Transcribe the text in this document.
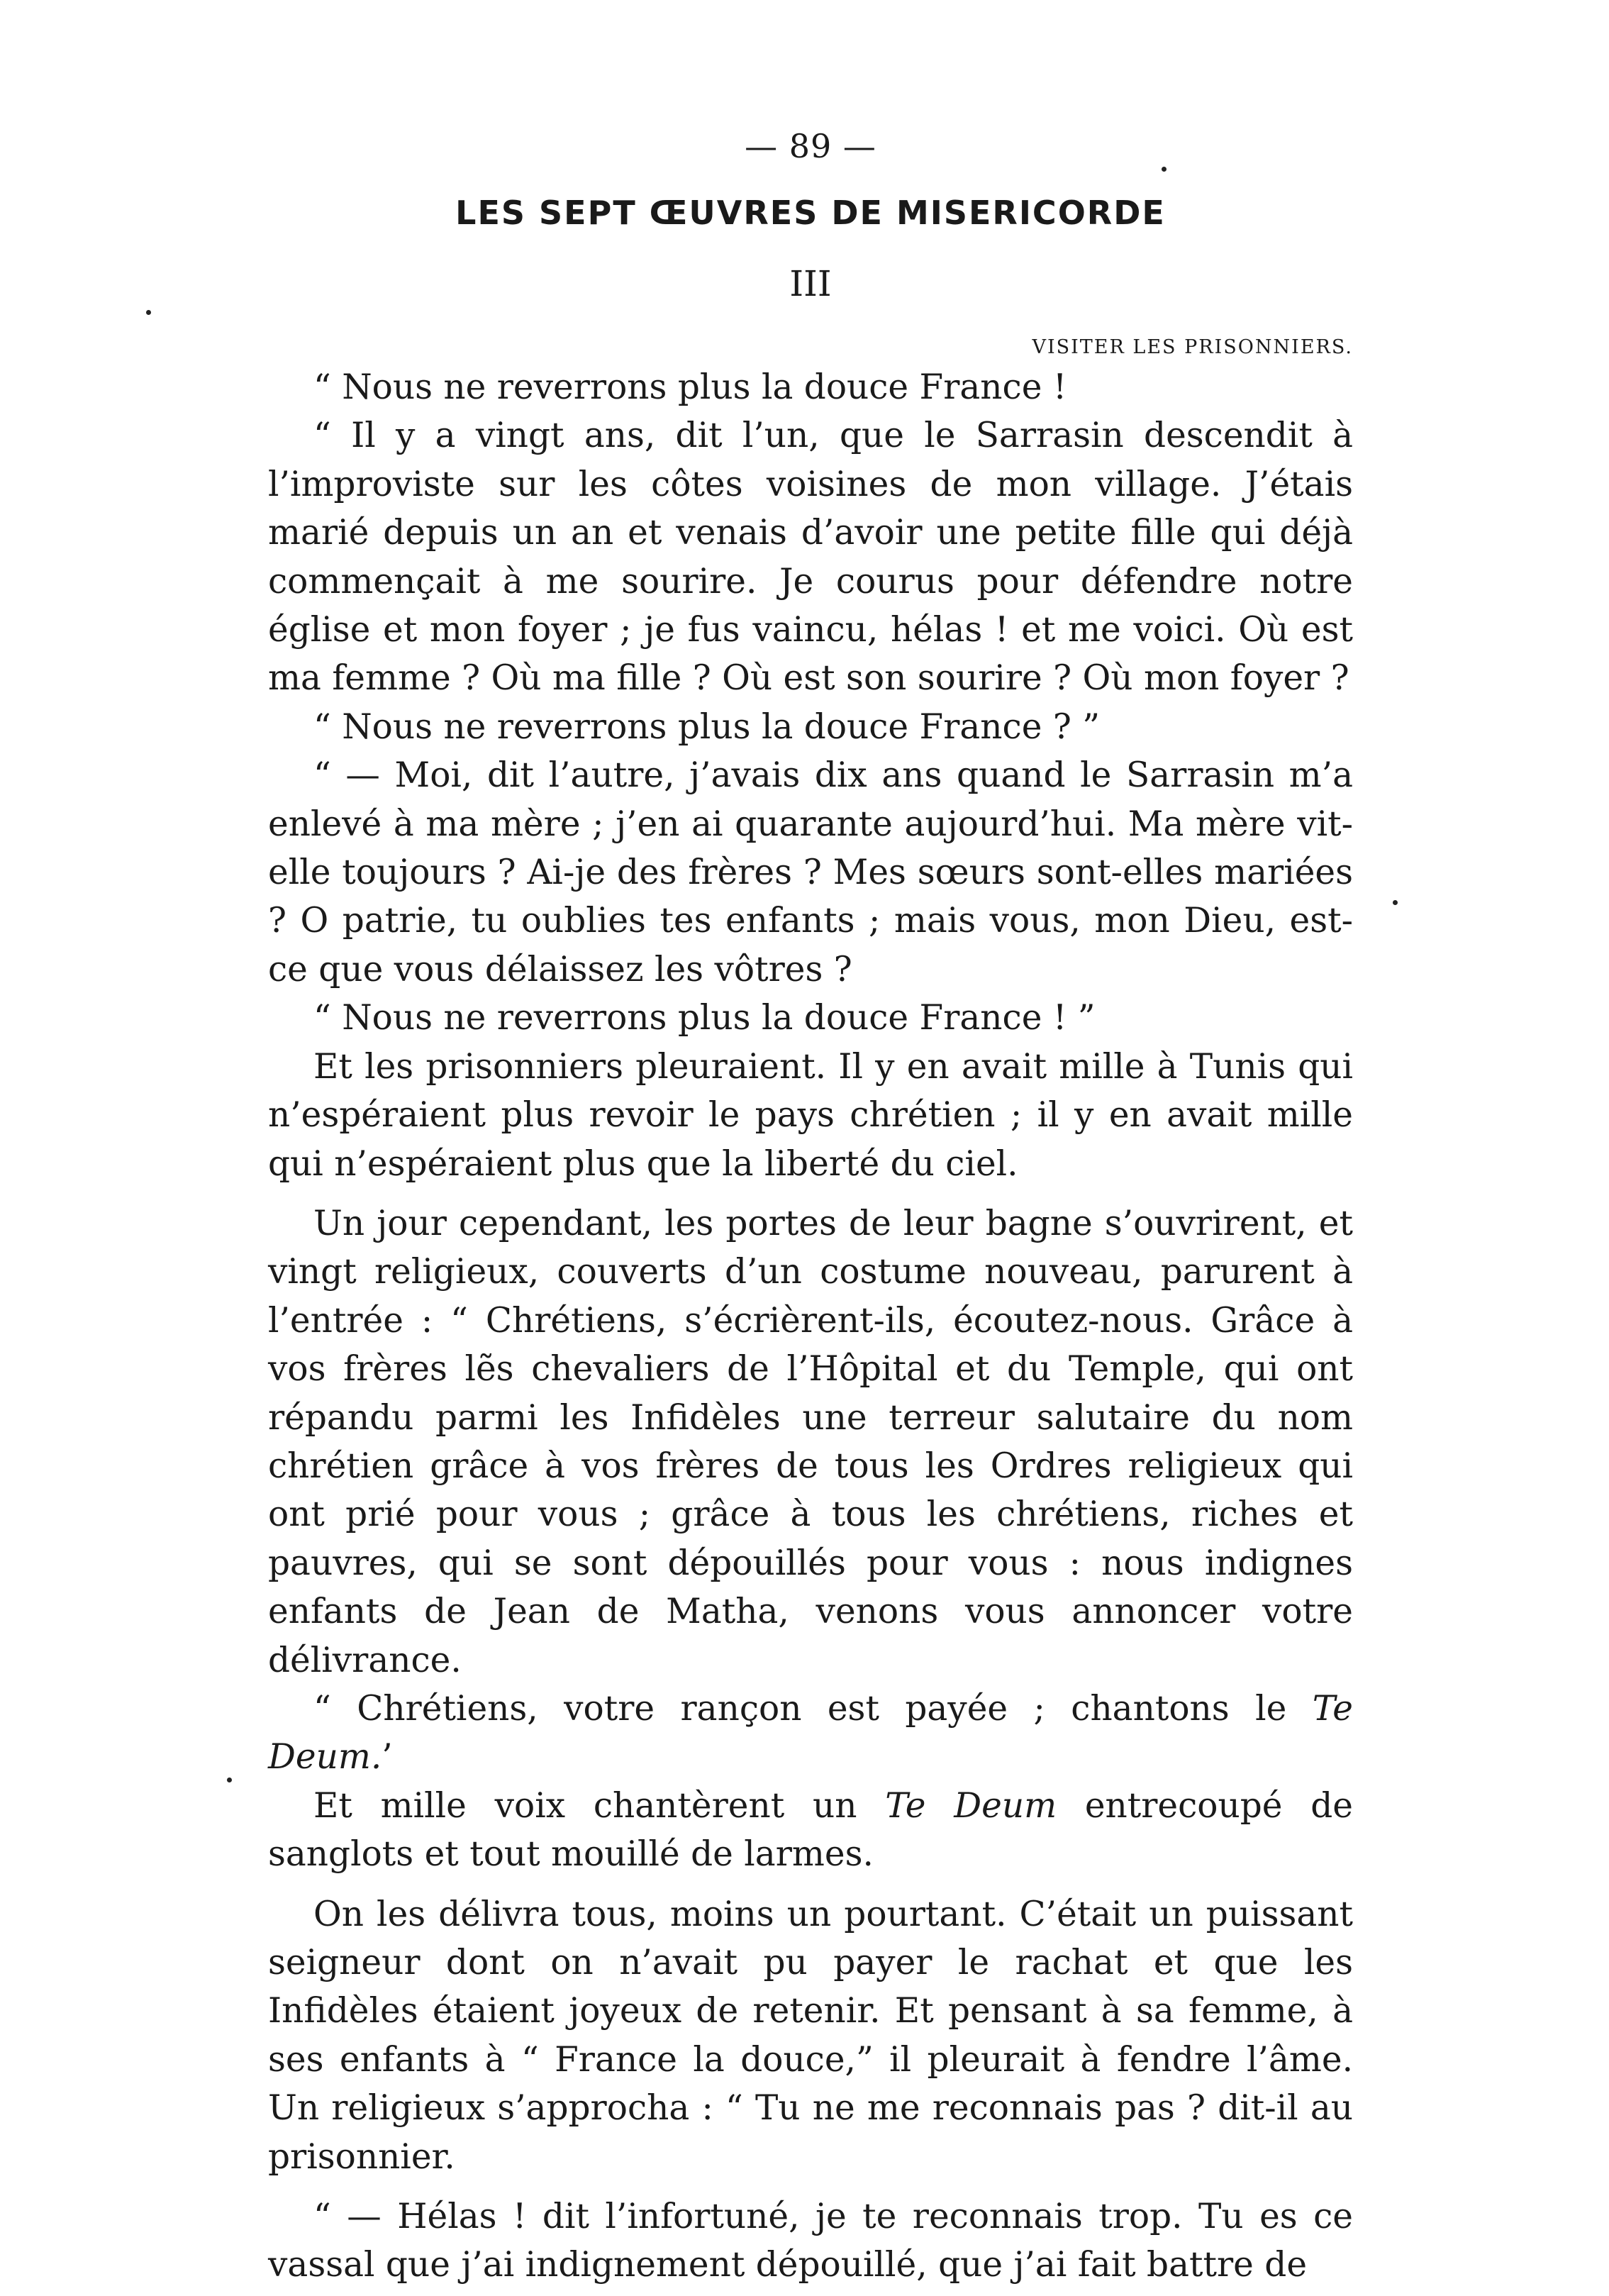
— 89 —

LES SEPT ŒUVRES DE MISERICORDE
III
VISITER LES PRISONNIERS.

“ Nous ne reverrons plus la douce France !

“ Il y a vingt ans, dit l’un, que le Sarrasin descendit à l’improviste sur les côtes voisines de mon village. J’étais marié depuis un an et venais d’avoir une petite fille qui déjà commençait à me sourire. Je courus pour défendre notre église et mon foyer ; je fus vaincu, hélas ! et me voici. Où est ma femme ? Où ma fille ? Où est son sourire ? Où mon foyer ?

“ Nous ne reverrons plus la douce France ? ”

“ — Moi, dit l’autre, j’avais dix ans quand le Sarrasin m’a enlevé à ma mère ; j’en ai quarante aujourd’hui. Ma mère vit-elle toujours ? Ai-je des frères ? Mes sœurs sont-elles mariées ? O patrie, tu oublies tes enfants ; mais vous, mon Dieu, est-ce que vous délaissez les vôtres ?

“ Nous ne reverrons plus la douce France ! ”

Et les prisonniers pleuraient. Il y en avait mille à Tunis qui n’espéraient plus revoir le pays chrétien ; il y en avait mille qui n’espéraient plus que la liberté du ciel.

Un jour cependant, les portes de leur bagne s’ouvrirent, et vingt religieux, couverts d’un costume nouveau, parurent à l’entrée : “ Chrétiens, s’écrièrent-ils, écoutez-nous. Grâce à vos frères lẽs chevaliers de l’Hôpital et du Temple, qui ont répandu parmi les Infidèles une terreur salutaire du nom chrétien grâce à vos frères de tous les Ordres religieux qui ont prié pour vous ; grâce à tous les chrétiens, riches et pauvres, qui se sont dépouillés pour vous : nous indignes enfants de Jean de Matha, venons vous annoncer votre délivrance.

“ Chrétiens, votre rançon est payée ; chantons le Te Deum.’

Et mille voix chantèrent un Te Deum entrecoupé de sanglots et tout mouillé de larmes.

On les délivra tous, moins un pourtant. C’était un puissant seigneur dont on n’avait pu payer le rachat et que les Infidèles étaient joyeux de retenir. Et pensant à sa femme, à ses enfants à “ France la douce,” il pleurait à fendre l’âme. Un religieux s’approcha : “ Tu ne me reconnais pas ? dit-il au prisonnier.

“ — Hélas ! dit l’infortuné, je te reconnais trop. Tu es ce vassal que j’ai indignement dépouillé, que j’ai fait battre de
